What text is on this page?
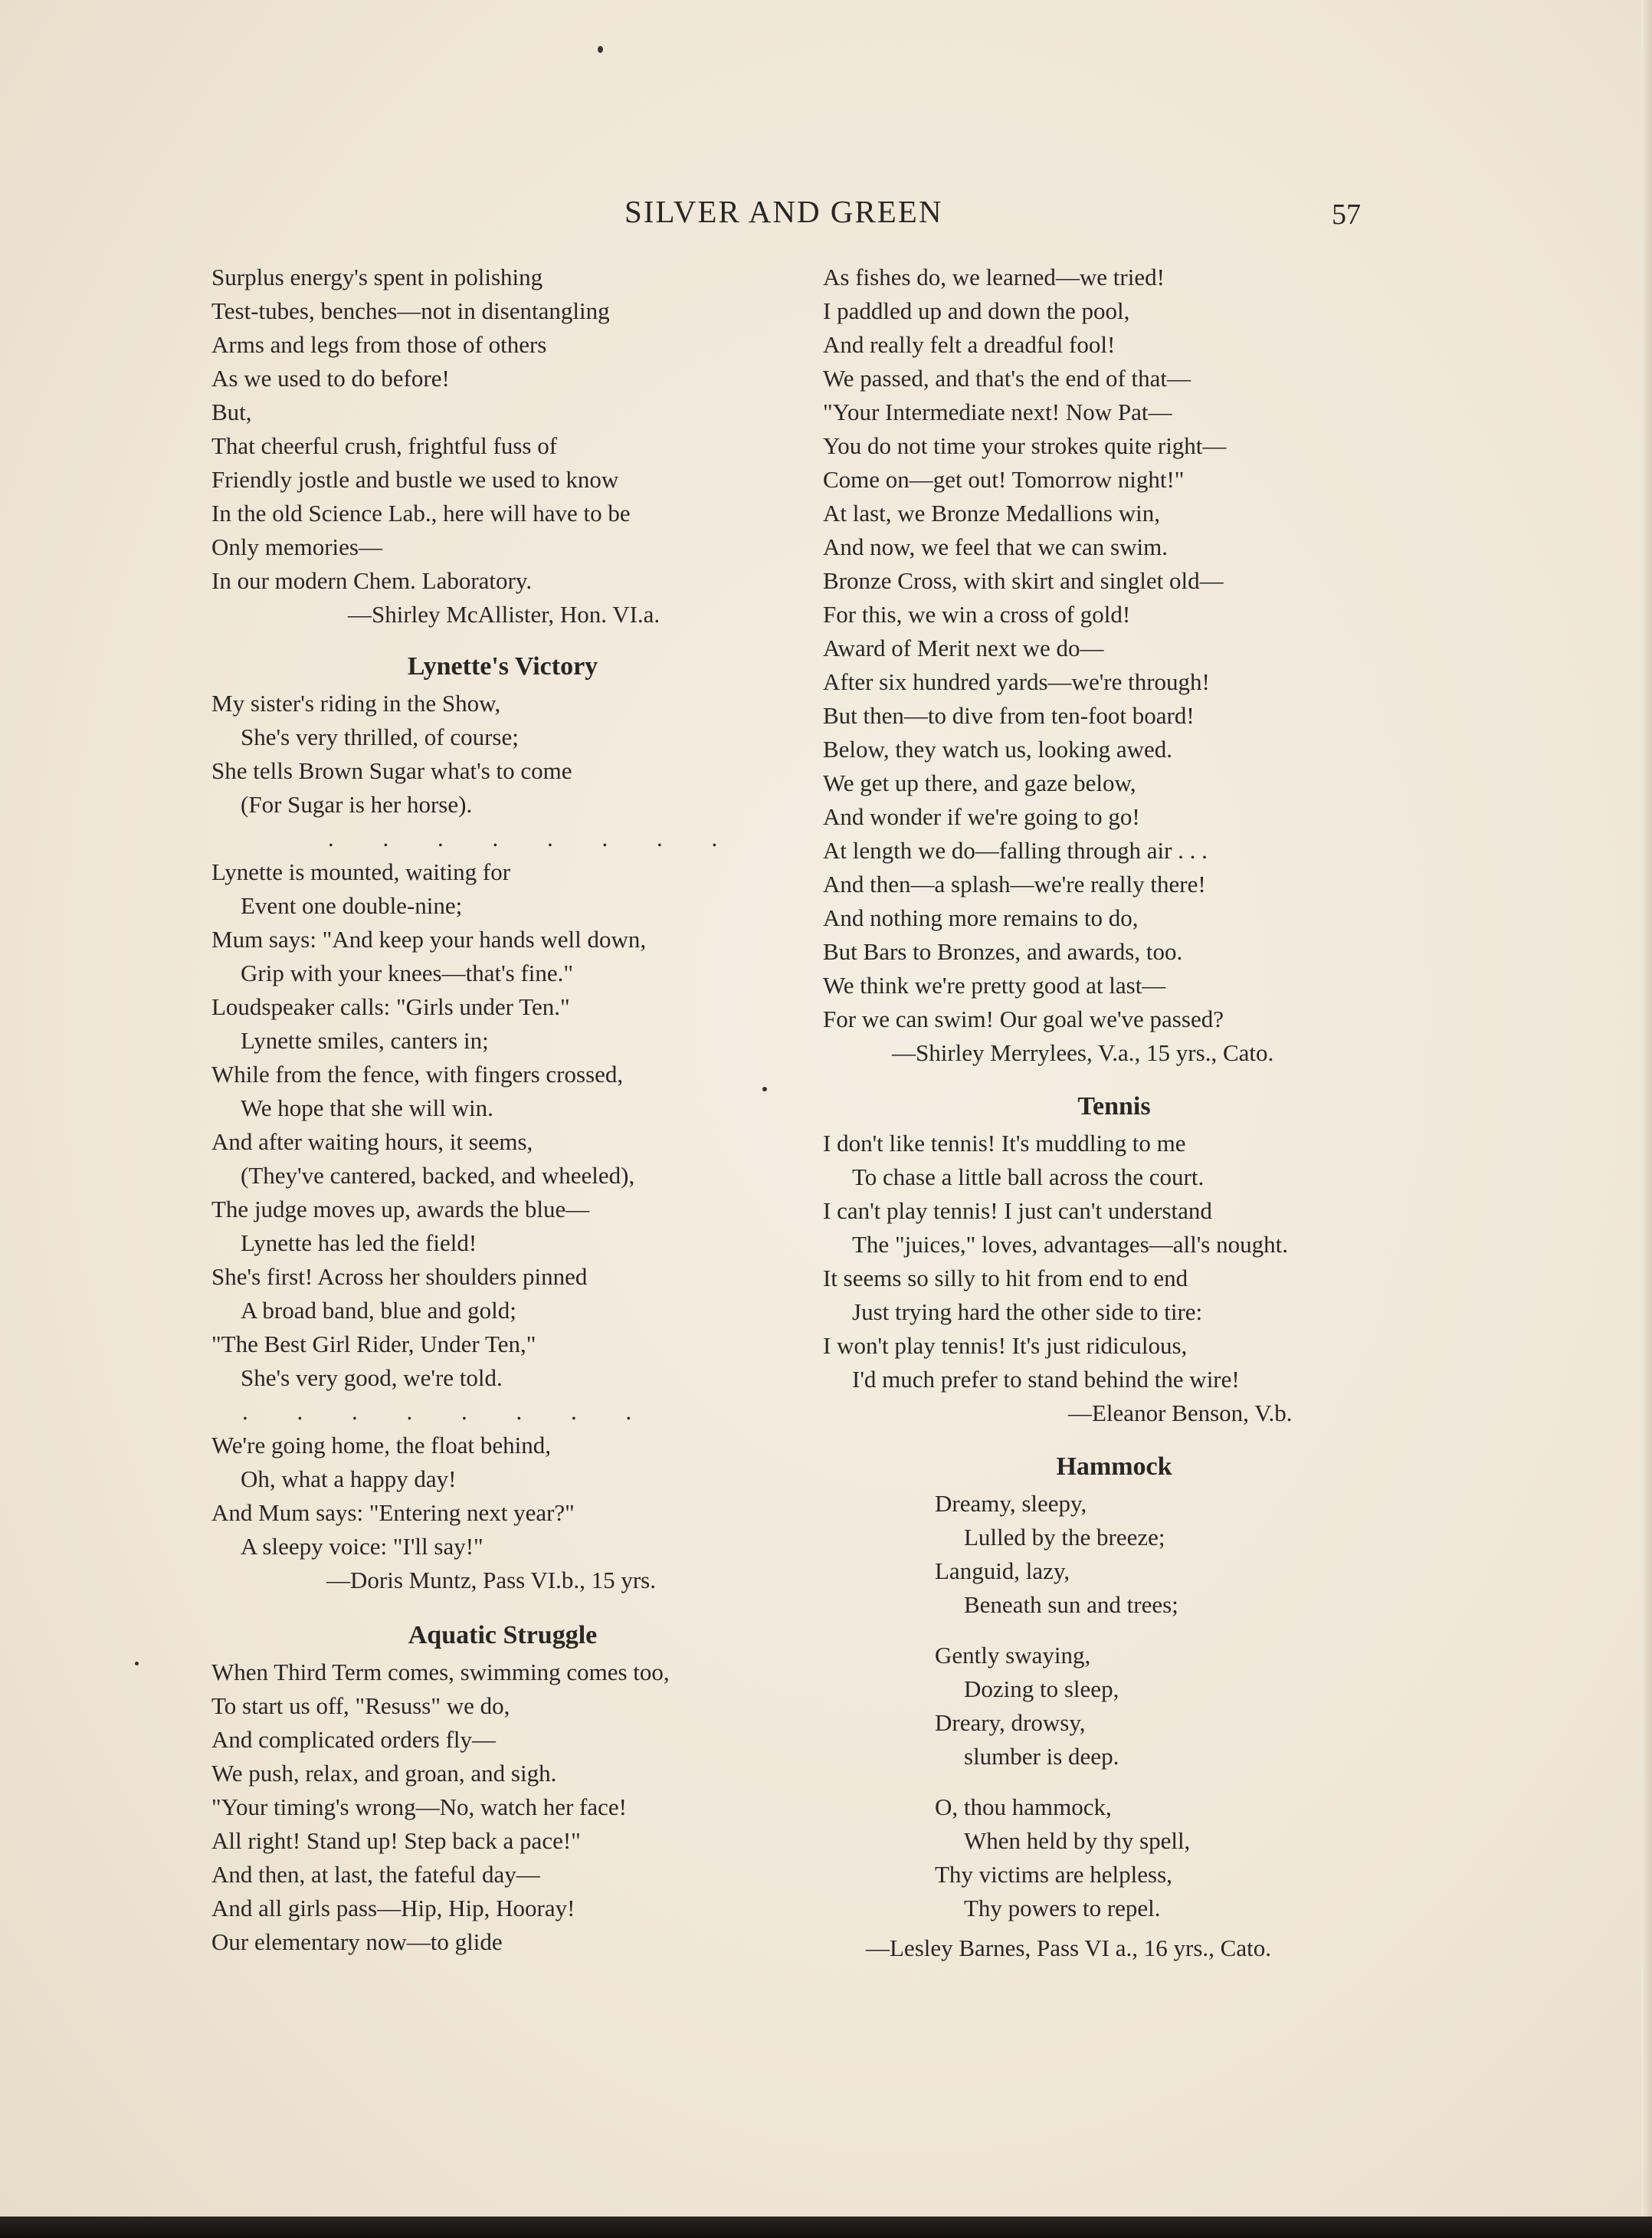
SILVER AND GREEN	57
Surplus energy's spent in polishing
Test-tubes, benches—not in disentangling
Arms and legs from those of others
As we used to do before!
But,
That cheerful crush, frightful fuss of
Friendly jostle and bustle we used to know
In the old Science Lab., here will have to be
Only memories—
In our modern Chem. Laboratory.
—Shirley McAllister, Hon. VI.a.
Lynette's Victory
My sister's riding in the Show,
She's very thrilled, of course;
She tells Brown Sugar what's to come
(For Sugar is her horse).
. . . . . . . .
Lynette is mounted, waiting for
Event one double-nine;
Mum says: "And keep your hands well down,
Grip with your knees—that's fine."
Loudspeaker calls: "Girls under Ten."
Lynette smiles, canters in;
While from the fence, with fingers crossed,
We hope that she will win.
And after waiting hours, it seems,
(They've cantered, backed, and wheeled),
The judge moves up, awards the blue—
Lynette has led the field!
She's first! Across her shoulders pinned
A broad band, blue and gold;
"The Best Girl Rider, Under Ten,"
She's very good, we're told.
. . . . . . . .
We're going home, the float behind,
Oh, what a happy day!
And Mum says: "Entering next year?"
A sleepy voice: "I'll say!"
—Doris Muntz, Pass VI.b., 15 yrs.
Aquatic Struggle
When Third Term comes, swimming comes too,
To start us off, "Resuss" we do,
And complicated orders fly—
We push, relax, and groan, and sigh.
"Your timing's wrong—No, watch her face!
All right! Stand up! Step back a pace!"
And then, at last, the fateful day—
And all girls pass—Hip, Hip, Hooray!
Our elementary now—to glide
As fishes do, we learned—we tried!
I paddled up and down the pool,
And really felt a dreadful fool!
We passed, and that's the end of that—
"Your Intermediate next! Now Pat—
You do not time your strokes quite right—
Come on—get out! Tomorrow night!"
At last, we Bronze Medallions win,
And now, we feel that we can swim.
Bronze Cross, with skirt and singlet old—
For this, we win a cross of gold!
Award of Merit next we do—
After six hundred yards—we're through!
But then—to dive from ten-foot board!
Below, they watch us, looking awed.
We get up there, and gaze below,
And wonder if we're going to go!
At length we do—falling through air . . .
And then—a splash—we're really there!
And nothing more remains to do,
But Bars to Bronzes, and awards, too.
We think we're pretty good at last—
For we can swim! Our goal we've passed?
—Shirley Merrylees, V.a., 15 yrs., Cato.
Tennis
I don't like tennis! It's muddling to me
To chase a little ball across the court.
I can't play tennis! I just can't understand
The "juices," loves, advantages—all's nought.
It seems so silly to hit from end to end
Just trying hard the other side to tire:
I won't play tennis! It's just ridiculous,
I'd much prefer to stand behind the wire!
—Eleanor Benson, V.b.
Hammock
Dreamy, sleepy,
Lulled by the breeze;
Languid, lazy,
Beneath sun and trees;
Gently swaying,
Dozing to sleep,
Dreary, drowsy,
slumber is deep.
O, thou hammock,
When held by thy spell,
Thy victims are helpless,
Thy powers to repel.
—Lesley Barnes, Pass VI a., 16 yrs., Cato.
